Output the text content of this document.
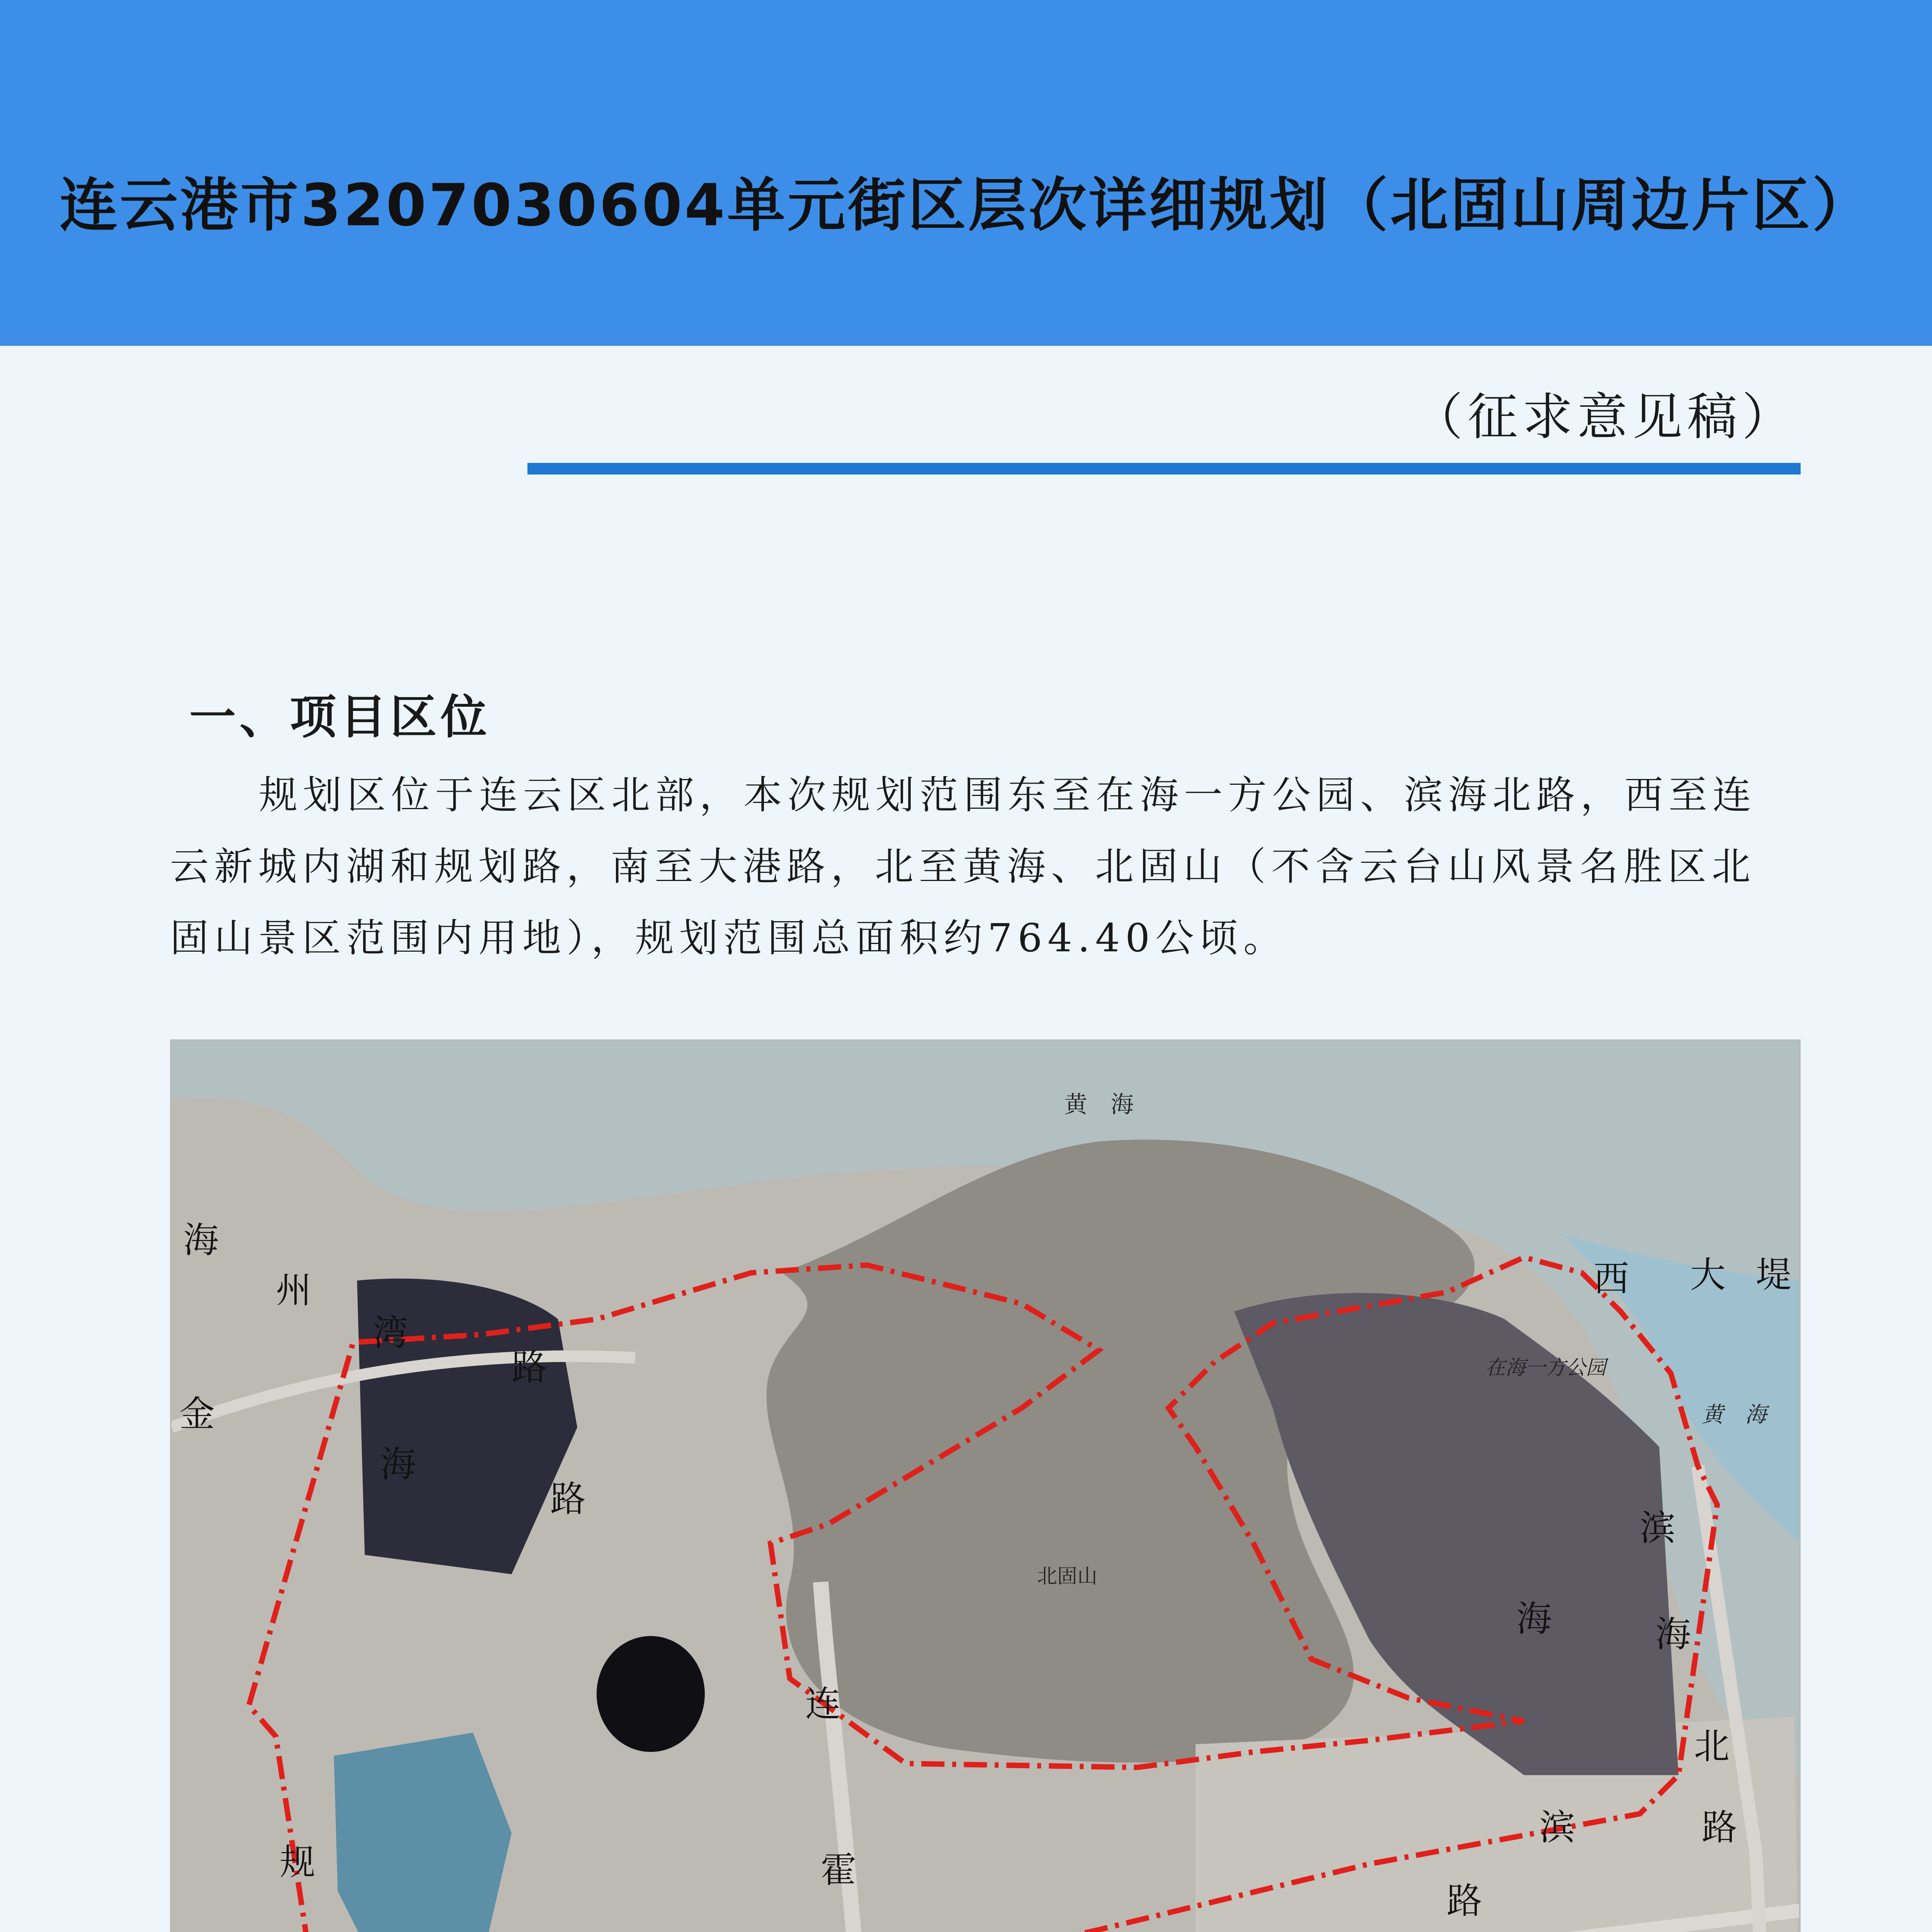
连云港市3207030604单元街区层次详细规划（北固山周边片区）
（征求意见稿）
一、项目区位
规划区位于连云区北部，本次规划范围东至在海一方公园、滨海北路，西至连云新城内湖和规划路，南至大港路，北至黄海、北固山（不含云台山风景名胜区北固山景区范围内用地），规划范围总面积约764.40公顷。
黄　海
黄　海
在海一方公园
北固山
西 大 堤
海
州
湾
路
金
海
路
滨
海	海
北
路
滨
路
连
霍
规
